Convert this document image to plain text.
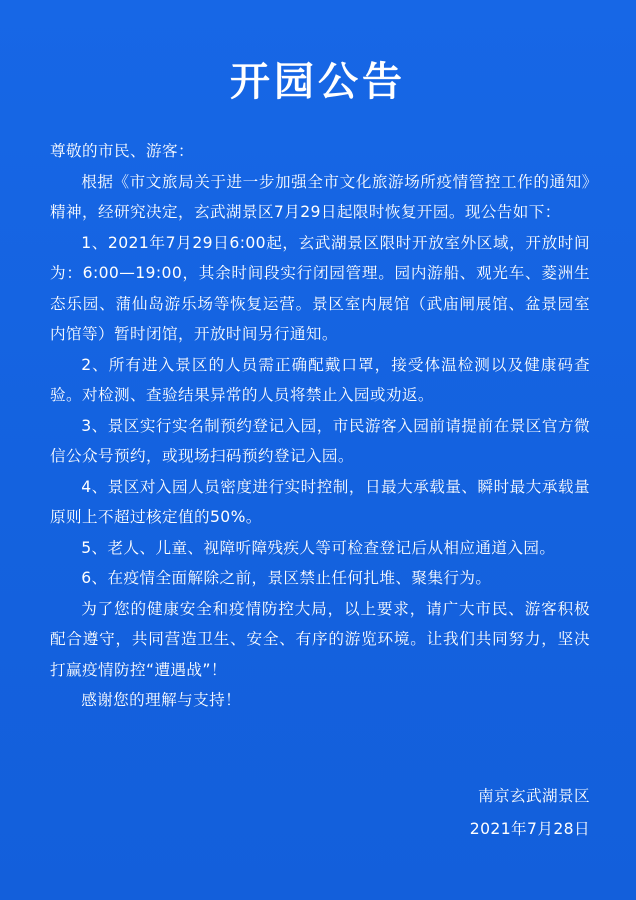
开园公告

尊敬的市民、游客：

根据《市文旅局关于进一步加强全市文化旅游场所疫情管控工作的通知》精神，经研究决定，玄武湖景区7月29日起限时恢复开园。现公告如下：

1、2021年7月29日6:00起，玄武湖景区限时开放室外区域，开放时间为：6:00—19:00，其余时间段实行闭园管理。园内游船、观光车、菱洲生态乐园、蒲仙岛游乐场等恢复运营。景区室内展馆（武庙闸展馆、盆景园室内馆等）暂时闭馆，开放时间另行通知。

2、所有进入景区的人员需正确配戴口罩，接受体温检测以及健康码查验。对检测、查验结果异常的人员将禁止入园或劝返。

3、景区实行实名制预约登记入园，市民游客入园前请提前在景区官方微信公众号预约，或现场扫码预约登记入园。

4、景区对入园人员密度进行实时控制，日最大承载量、瞬时最大承载量原则上不超过核定值的50%。

5、老人、儿童、视障听障残疾人等可检查登记后从相应通道入园。

6、在疫情全面解除之前，景区禁止任何扎堆、聚集行为。

为了您的健康安全和疫情防控大局，以上要求，请广大市民、游客积极配合遵守，共同营造卫生、安全、有序的游览环境。让我们共同努力，坚决打赢疫情防控“遭遇战”！

感谢您的理解与支持！

南京玄武湖景区
2021年7月28日
